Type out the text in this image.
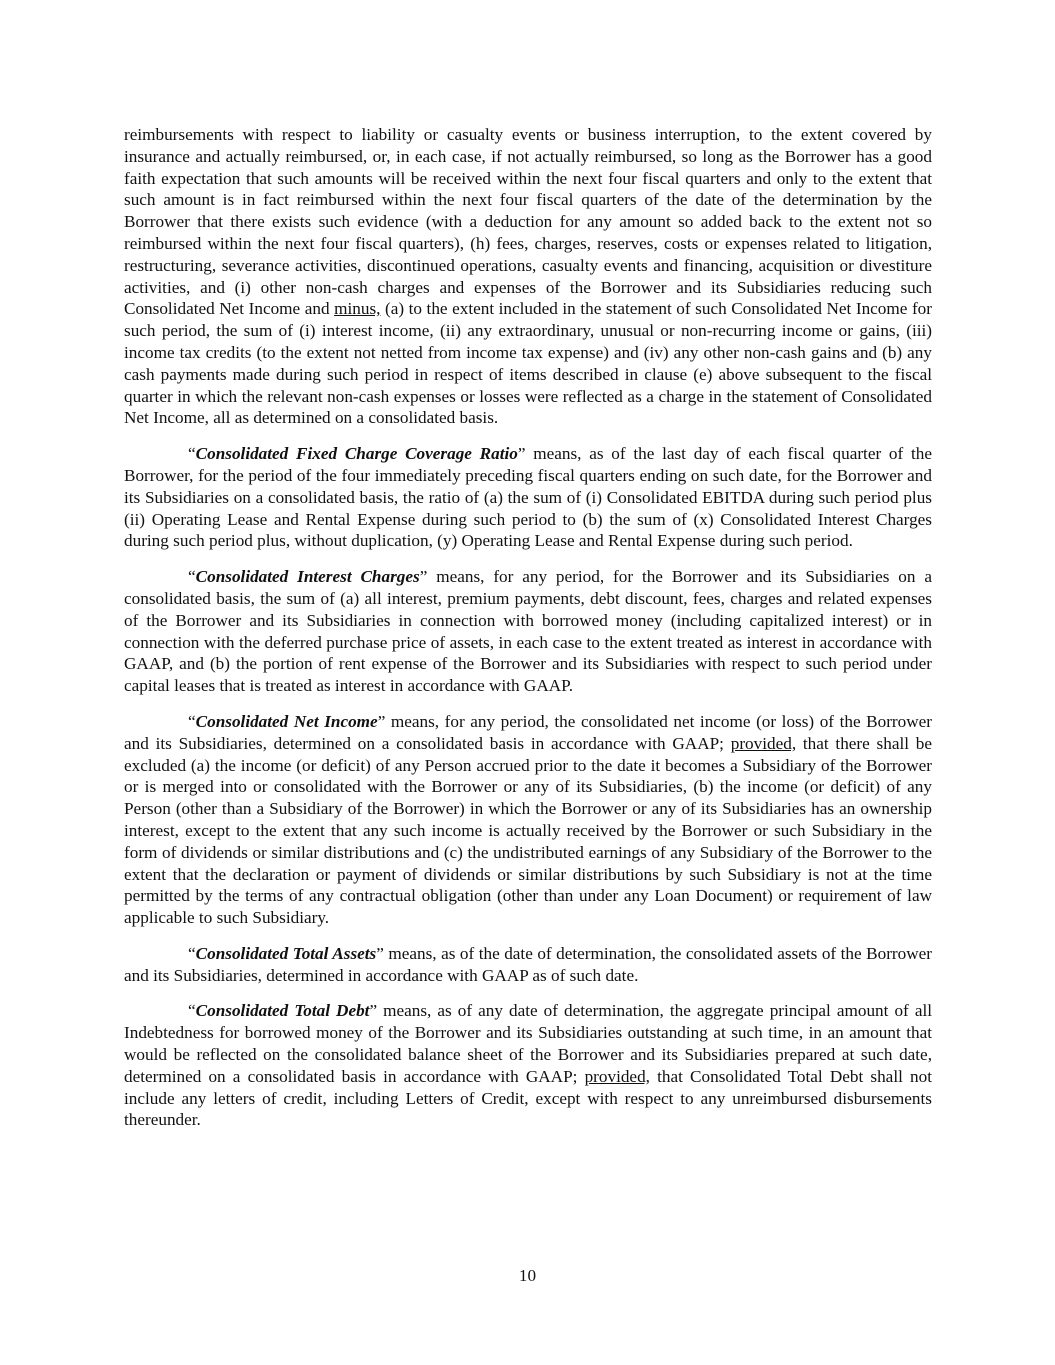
reimbursements with respect to liability or casualty events or business interruption, to the extent covered by insurance and actually reimbursed, or, in each case, if not actually reimbursed, so long as the Borrower has a good faith expectation that such amounts will be received within the next four fiscal quarters and only to the extent that such amount is in fact reimbursed within the next four fiscal quarters of the date of the determination by the Borrower that there exists such evidence (with a deduction for any amount so added back to the extent not so reimbursed within the next four fiscal quarters), (h) fees, charges, reserves, costs or expenses related to litigation, restructuring, severance activities, discontinued operations, casualty events and financing, acquisition or divestiture activities, and (i) other non-cash charges and expenses of the Borrower and its Subsidiaries reducing such Consolidated Net Income and minus, (a) to the extent included in the statement of such Consolidated Net Income for such period, the sum of (i) interest income, (ii) any extraordinary, unusual or non-recurring income or gains, (iii) income tax credits (to the extent not netted from income tax expense) and (iv) any other non-cash gains and (b) any cash payments made during such period in respect of items described in clause (e) above subsequent to the fiscal quarter in which the relevant non-cash expenses or losses were reflected as a charge in the statement of Consolidated Net Income, all as determined on a consolidated basis.

“Consolidated Fixed Charge Coverage Ratio” means, as of the last day of each fiscal quarter of the Borrower, for the period of the four immediately preceding fiscal quarters ending on such date, for the Borrower and its Subsidiaries on a consolidated basis, the ratio of (a) the sum of (i) Consolidated EBITDA during such period plus (ii) Operating Lease and Rental Expense during such period to (b) the sum of (x) Consolidated Interest Charges during such period plus, without duplication, (y) Operating Lease and Rental Expense during such period.

“Consolidated Interest Charges” means, for any period, for the Borrower and its Subsidiaries on a consolidated basis, the sum of (a) all interest, premium payments, debt discount, fees, charges and related expenses of the Borrower and its Subsidiaries in connection with borrowed money (including capitalized interest) or in connection with the deferred purchase price of assets, in each case to the extent treated as interest in accordance with GAAP, and (b) the portion of rent expense of the Borrower and its Subsidiaries with respect to such period under capital leases that is treated as interest in accordance with GAAP.

“Consolidated Net Income” means, for any period, the consolidated net income (or loss) of the Borrower and its Subsidiaries, determined on a consolidated basis in accordance with GAAP; provided, that there shall be excluded (a) the income (or deficit) of any Person accrued prior to the date it becomes a Subsidiary of the Borrower or is merged into or consolidated with the Borrower or any of its Subsidiaries, (b) the income (or deficit) of any Person (other than a Subsidiary of the Borrower) in which the Borrower or any of its Subsidiaries has an ownership interest, except to the extent that any such income is actually received by the Borrower or such Subsidiary in the form of dividends or similar distributions and (c) the undistributed earnings of any Subsidiary of the Borrower to the extent that the declaration or payment of dividends or similar distributions by such Subsidiary is not at the time permitted by the terms of any contractual obligation (other than under any Loan Document) or requirement of law applicable to such Subsidiary.

“Consolidated Total Assets” means, as of the date of determination, the consolidated assets of the Borrower and its Subsidiaries, determined in accordance with GAAP as of such date.

“Consolidated Total Debt” means, as of any date of determination, the aggregate principal amount of all Indebtedness for borrowed money of the Borrower and its Subsidiaries outstanding at such time, in an amount that would be reflected on the consolidated balance sheet of the Borrower and its Subsidiaries prepared at such date, determined on a consolidated basis in accordance with GAAP; provided, that Consolidated Total Debt shall not include any letters of credit, including Letters of Credit, except with respect to any unreimbursed disbursements thereunder.

10
